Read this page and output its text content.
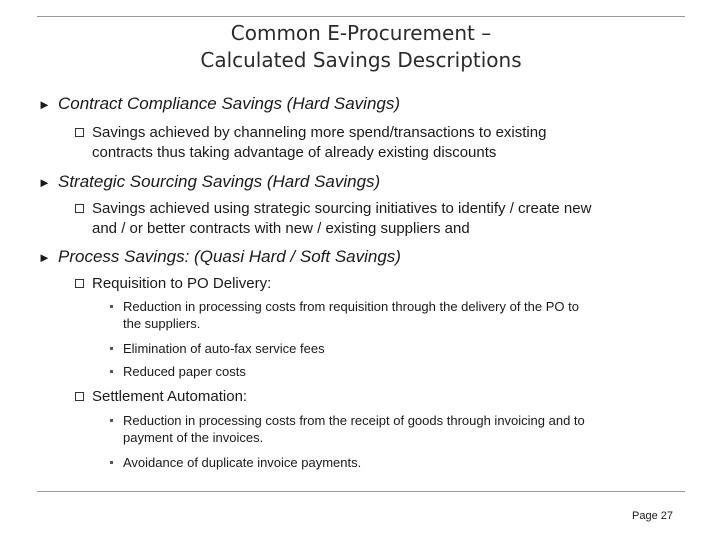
Common E-Procurement –
Calculated Savings Descriptions
► Contract Compliance Savings (Hard Savings)
Savings achieved by channeling more spend/transactions to existing
contracts thus taking advantage of already existing discounts
► Strategic Sourcing Savings (Hard Savings)
Savings achieved using strategic sourcing initiatives to identify / create new
and / or better contracts with new / existing suppliers and
► Process Savings: (Quasi Hard / Soft Savings)
Requisition to PO Delivery:
Reduction in processing costs from requisition through the delivery of the PO to
the suppliers.
Elimination of auto-fax service fees
Reduced paper costs
Settlement Automation:
Reduction in processing costs from the receipt of goods through invoicing and to
payment of the invoices.
Avoidance of duplicate invoice payments.
Page 27
